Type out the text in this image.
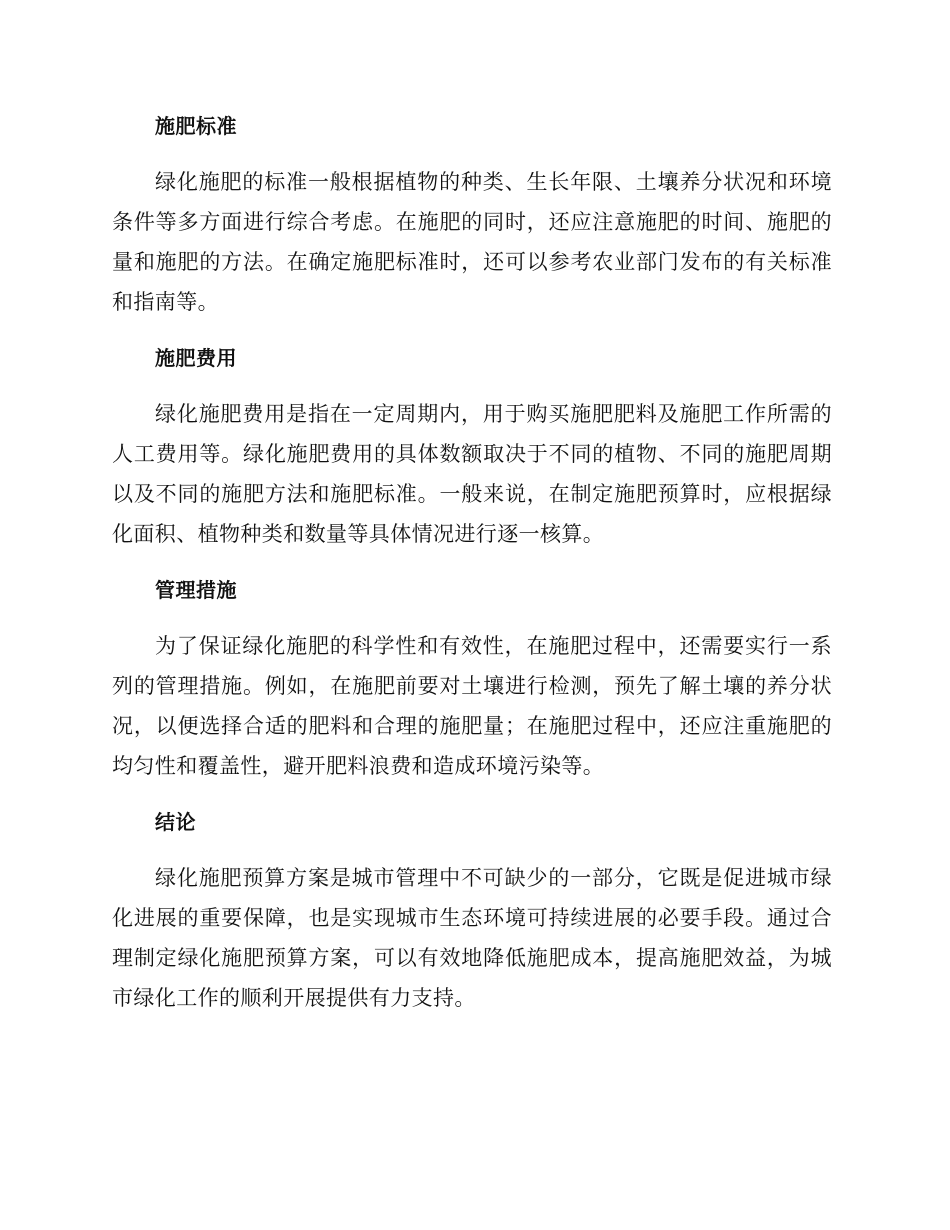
施肥标准

绿化施肥的标准一般根据植物的种类、生长年限、土壤养分状况和环境条件等多方面进行综合考虑。在施肥的同时，还应注意施肥的时间、施肥的量和施肥的方法。在确定施肥标准时，还可以参考农业部门发布的有关标准和指南等。

施肥费用

绿化施肥费用是指在一定周期内，用于购买施肥肥料及施肥工作所需的人工费用等。绿化施肥费用的具体数额取决于不同的植物、不同的施肥周期以及不同的施肥方法和施肥标准。一般来说，在制定施肥预算时，应根据绿化面积、植物种类和数量等具体情况进行逐一核算。

管理措施

为了保证绿化施肥的科学性和有效性，在施肥过程中，还需要实行一系列的管理措施。例如，在施肥前要对土壤进行检测，预先了解土壤的养分状况，以便选择合适的肥料和合理的施肥量；在施肥过程中，还应注重施肥的均匀性和覆盖性，避开肥料浪费和造成环境污染等。

结论

绿化施肥预算方案是城市管理中不可缺少的一部分，它既是促进城市绿化进展的重要保障，也是实现城市生态环境可持续进展的必要手段。通过合理制定绿化施肥预算方案，可以有效地降低施肥成本，提高施肥效益，为城市绿化工作的顺利开展提供有力支持。
